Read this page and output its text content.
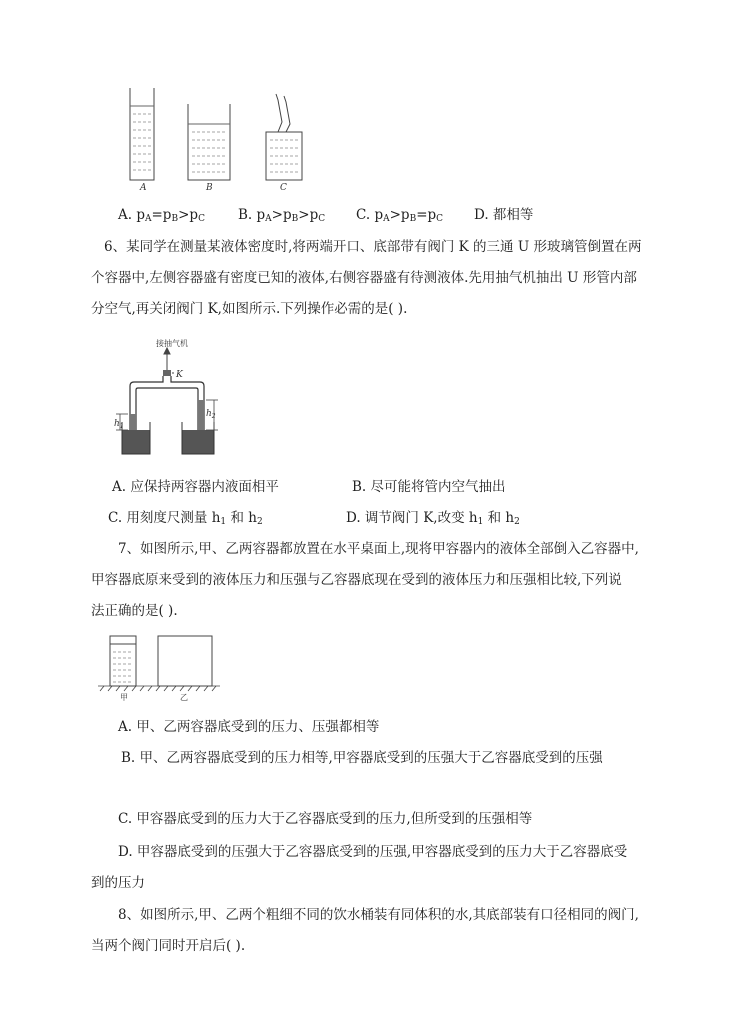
A	B	C
A. $p_A=p_B>p_C$ B. $p_A>p_B>p_C$ C. $p_A>p_B=p_C$ D. 都相等
6、某同学在测量某液体密度时,将两端开口、底部带有阀门 K 的三通 U 形玻璃管倒置在两
个容器中,左侧容器盛有密度已知的液体,右侧容器盛有待测液体.先用抽气机抽出 U 形管内部
分空气,再关闭阀门 K,如图所示.下列操作必需的是( ).
接抽气机
K
$h_1$
$h_2$
A. 应保持两容器内液面相平	B. 尽可能将管内空气抽出
C. 用刻度尺测量 $h_1$ 和 $h_2$	D. 调节阀门 K,改变 $h_1$ 和 $h_2$
7、如图所示,甲、乙两容器都放置在水平桌面上,现将甲容器内的液体全部倒入乙容器中,
甲容器底原来受到的液体压力和压强与乙容器底现在受到的液体压力和压强相比较,下列说
法正确的是( ).
甲	乙
A. 甲、乙两容器底受到的压力、压强都相等
B. 甲、乙两容器底受到的压力相等,甲容器底受到的压强大于乙容器底受到的压强
C. 甲容器底受到的压力大于乙容器底受到的压力,但所受到的压强相等
D. 甲容器底受到的压强大于乙容器底受到的压强,甲容器底受到的压力大于乙容器底受
到的压力
8、如图所示,甲、乙两个粗细不同的饮水桶装有同体积的水,其底部装有口径相同的阀门,
当两个阀门同时开启后( ).
